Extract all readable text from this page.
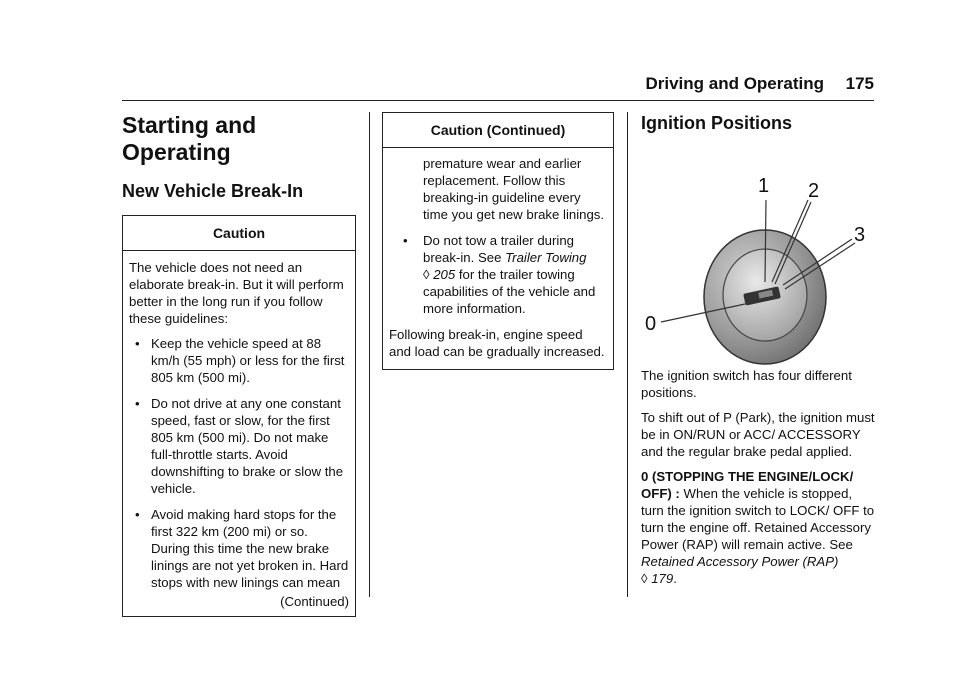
Driving and Operating 175
Starting and Operating
New Vehicle Break-In
Caution

The vehicle does not need an elaborate break-in. But it will perform better in the long run if you follow these guidelines:

• Keep the vehicle speed at 88 km/h (55 mph) or less for the first 805 km (500 mi).
• Do not drive at any one constant speed, fast or slow, for the first 805 km (500 mi). Do not make full-throttle starts. Avoid downshifting to brake or slow the vehicle.
• Avoid making hard stops for the first 322 km (200 mi) or so. During this time the new brake linings are not yet broken in. Hard stops with new linings can mean
(Continued)
Caution (Continued)
premature wear and earlier replacement. Follow this breaking-in guideline every time you get new brake linings.
• Do not tow a trailer during break-in. See Trailer Towing
◊ 205 for the trailer towing capabilities of the vehicle and more information.

Following break-in, engine speed and load can be gradually increased.

Ignition Positions
0
1 2
3

The ignition switch has four different positions.

To shift out of P (Park), the ignition must be in ON/RUN or ACC/ ACCESSORY and the regular brake pedal applied.

0 (STOPPING THE ENGINE/LOCK/ OFF) : When the vehicle is stopped, turn the ignition switch to LOCK/ OFF to turn the engine off. Retained Accessory Power (RAP) will remain active. See Retained Accessory Power (RAP) ◊ 179.
